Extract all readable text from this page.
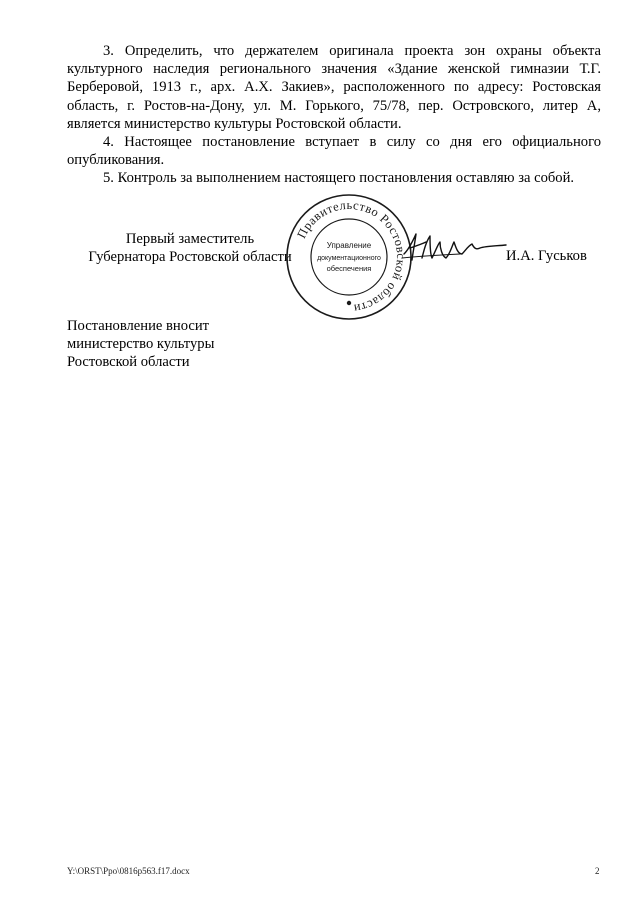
3. Определить, что держателем оригинала проекта зон охраны объекта культурного наследия регионального значения «Здание женской гимназии Т.Г. Берберовой, 1913 г., арх. А.Х. Закиев», расположенного по адресу: Ростовская область, г. Ростов-на-Дону, ул. М. Горького, 75/78, пер. Островского, литер А, является министерство культуры Ростовской области.

4. Настоящее постановление вступает в силу со дня его официального опубликования.

5. Контроль за выполнением настоящего постановления оставляю за собой.

Первый заместитель
Губернатора Ростовской области
Правительство Ростовской области
Управление
документационного
обеспечения
И.А. Гуськов
Постановление вносит
министерство культуры
Ростовской области
Y:\ORST\Ppo\0816p563.f17.docx	2
